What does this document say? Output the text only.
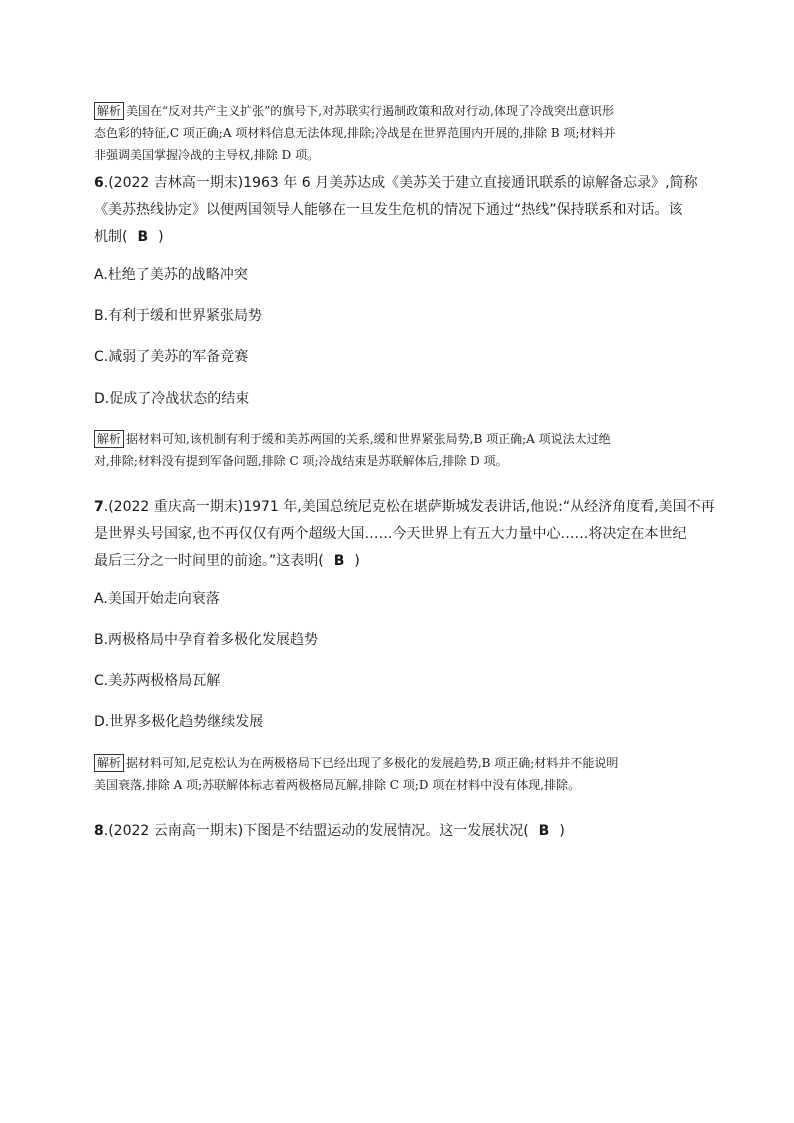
解析 美国在“反对共产主义扩张”的旗号下,对苏联实行遏制政策和敌对行动,体现了冷战突出意识形
态色彩的特征,C 项正确;A 项材料信息无法体现,排除;冷战是在世界范围内开展的,排除 B 项;材料并
非强调美国掌握冷战的主导权,排除 D 项。
6.(2022 吉林高一期末)1963 年 6 月美苏达成《美苏关于建立直接通讯联系的谅解备忘录》,简称
《美苏热线协定》以便两国领导人能够在一旦发生危机的情况下通过“热线”保持联系和对话。该
机制( B )
A.杜绝了美苏的战略冲突
B.有利于缓和世界紧张局势
C.减弱了美苏的军备竞赛
D.促成了冷战状态的结束
解析 据材料可知,该机制有利于缓和美苏两国的关系,缓和世界紧张局势,B 项正确;A 项说法太过绝
对,排除;材料没有提到军备问题,排除 C 项;冷战结束是苏联解体后,排除 D 项。
7.(2022 重庆高一期末)1971 年,美国总统尼克松在堪萨斯城发表讲话,他说:“从经济角度看,美国不再
是世界头号国家,也不再仅仅有两个超级大国……今天世界上有五大力量中心……将决定在本世纪
最后三分之一时间里的前途。”这表明( B )
A.美国开始走向衰落
B.两极格局中孕育着多极化发展趋势
C.美苏两极格局瓦解
D.世界多极化趋势继续发展
解析 据材料可知,尼克松认为在两极格局下已经出现了多极化的发展趋势,B 项正确;材料并不能说明
美国衰落,排除 A 项;苏联解体标志着两极格局瓦解,排除 C 项;D 项在材料中没有体现,排除。
8.(2022 云南高一期末)下图是不结盟运动的发展情况。这一发展状况( B )
